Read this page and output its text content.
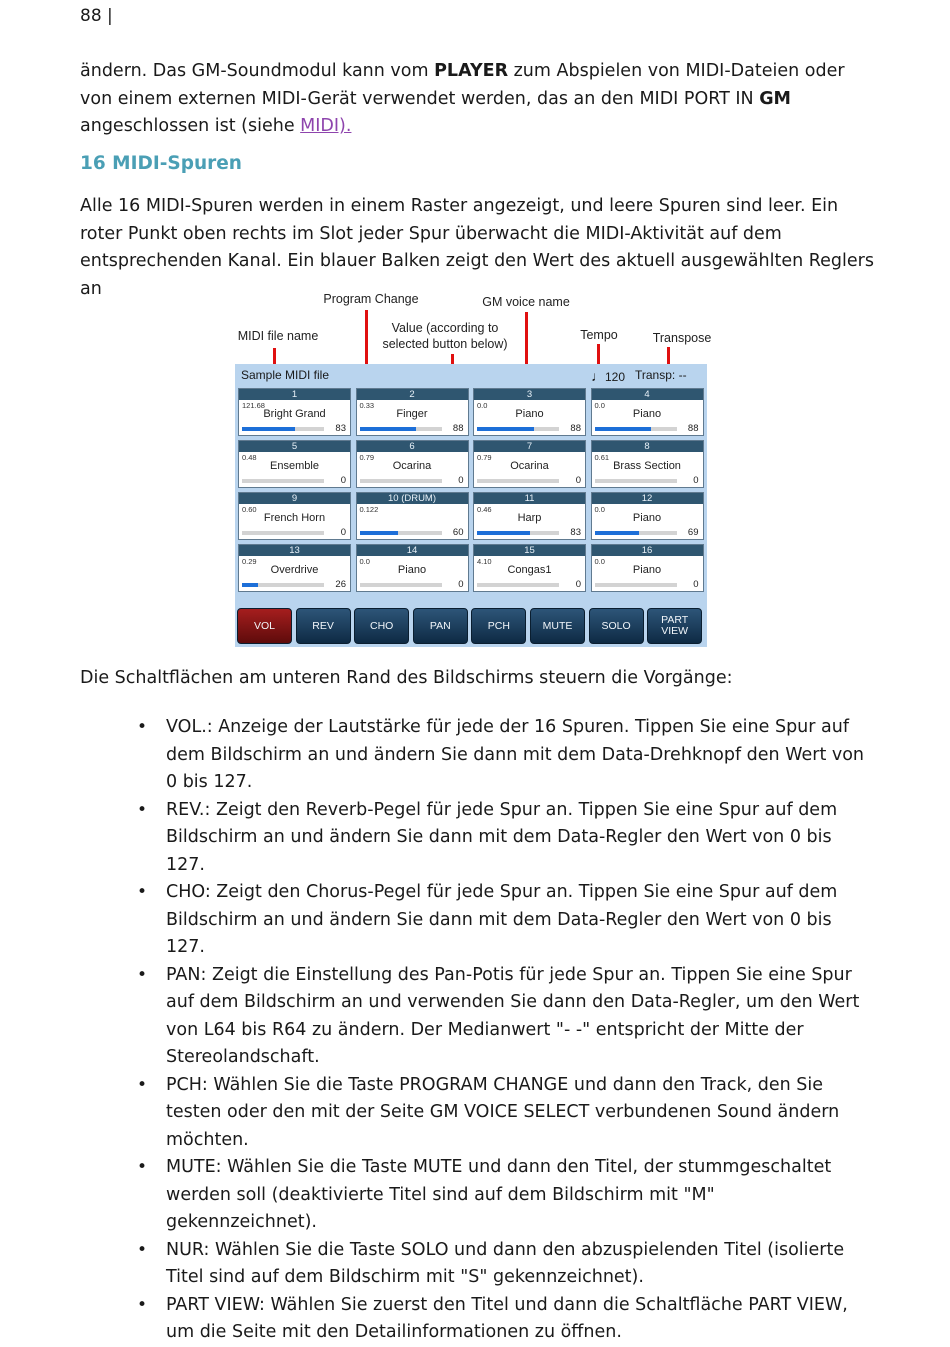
88 |

ändern. Das GM-Soundmodul kann vom PLAYER zum Abspielen von MIDI-Dateien oder von einem externen MIDI-Gerät verwendet werden, das an den MIDI PORT IN GM angeschlossen ist (siehe MIDI).

16 MIDI-Spuren

Alle 16 MIDI-Spuren werden in einem Raster angezeigt, und leere Spuren sind leer. Ein roter Punkt oben rechts im Slot jeder Spur überwacht die MIDI-Aktivität auf dem entsprechenden Kanal. Ein blauer Balken zeigt den Wert des aktuell ausgewählten Reglers an

Program Change	GM voice name
MIDI file name
Value (according to selected button below)
Tempo	Transpose
Sample MIDI file	♩120 Transp: --
1
121.68
Bright Grand
83
2
0.33
Finger
88
3
0.0
Piano
88
4
0.0
Piano
88
5
0.48
Ensemble
0
6
0.79
Ocarina
0
7
0.79
Ocarina
0
8
0.61
Brass Section
0
9
0.60
French Horn
0
10 (DRUM)
0.122
60
11
0.46
Harp
83
12
0.0
Piano
69
13
0.29
Overdrive
26
14
0.0
Piano
0
15
4.10
Congas1
0
16
0.0
Piano
0
VOL	REV	CHO	PAN	PCH	MUTE	SOLO	PART
VIEW

Die Schaltflächen am unteren Rand des Bildschirms steuern die Vorgänge:

• VOL.: Anzeige der Lautstärke für jede der 16 Spuren. Tippen Sie eine Spur auf dem Bildschirm an und ändern Sie dann mit dem Data-Drehknopf den Wert von 0 bis 127.
• REV.: Zeigt den Reverb-Pegel für jede Spur an. Tippen Sie eine Spur auf dem Bildschirm an und ändern Sie dann mit dem Data-Regler den Wert von 0 bis 127.
• CHO: Zeigt den Chorus-Pegel für jede Spur an. Tippen Sie eine Spur auf dem Bildschirm an und ändern Sie dann mit dem Data-Regler den Wert von 0 bis 127.
• PAN: Zeigt die Einstellung des Pan-Potis für jede Spur an. Tippen Sie eine Spur auf dem Bildschirm an und verwenden Sie dann den Data-Regler, um den Wert von L64 bis R64 zu ändern. Der Medianwert "- -" entspricht der Mitte der Stereolandschaft.
• PCH: Wählen Sie die Taste PROGRAM CHANGE und dann den Track, den Sie testen oder den mit der Seite GM VOICE SELECT verbundenen Sound ändern möchten.
• MUTE: Wählen Sie die Taste MUTE und dann den Titel, der stummgeschaltet werden soll (deaktivierte Titel sind auf dem Bildschirm mit "M" gekennzeichnet).
• NUR: Wählen Sie die Taste SOLO und dann den abzuspielenden Titel (isolierte Titel sind auf dem Bildschirm mit "S" gekennzeichnet).
• PART VIEW: Wählen Sie zuerst den Titel und dann die Schaltfläche PART VIEW, um die Seite mit den Detailinformationen zu öffnen.
